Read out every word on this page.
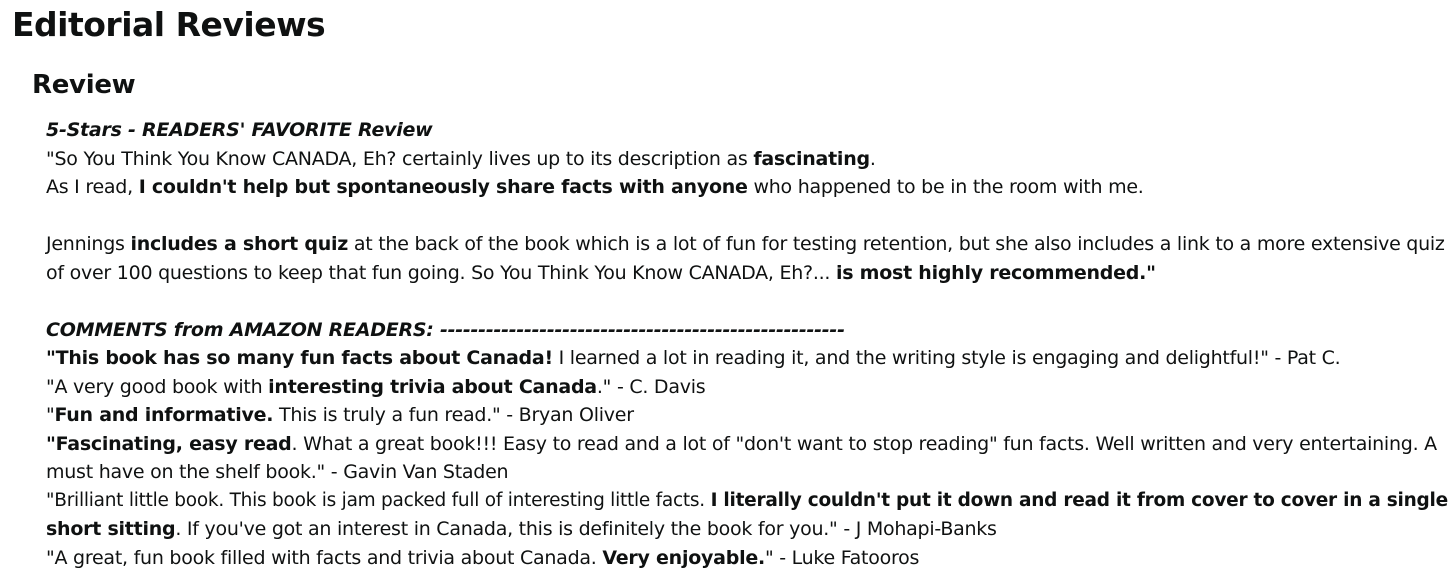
Editorial Reviews
Review
5-Stars - READERS' FAVORITE Review
"So You Think You Know CANADA, Eh? certainly lives up to its description as fascinating.
As I read, I couldn't help but spontaneously share facts with anyone who happened to be in the room with me.
Jennings includes a short quiz at the back of the book which is a lot of fun for testing retention, but she also includes a link to a more extensive quiz
of over 100 questions to keep that fun going. So You Think You Know CANADA, Eh?... is most highly recommended."
COMMENTS from AMAZON READERS: -----------------------------------------------------
"This book has so many fun facts about Canada! I learned a lot in reading it, and the writing style is engaging and delightful!" - Pat C.
"A very good book with interesting trivia about Canada." - C. Davis
"Fun and informative. This is truly a fun read." - Bryan Oliver
"Fascinating, easy read. What a great book!!! Easy to read and a lot of "don't want to stop reading" fun facts. Well written and very entertaining. A
must have on the shelf book." - Gavin Van Staden
"Brilliant little book. This book is jam packed full of interesting little facts. I literally couldn't put it down and read it from cover to cover in a single
short sitting. If you've got an interest in Canada, this is definitely the book for you." - J Mohapi-Banks
"A great, fun book filled with facts and trivia about Canada. Very enjoyable." - Luke Fatooros
